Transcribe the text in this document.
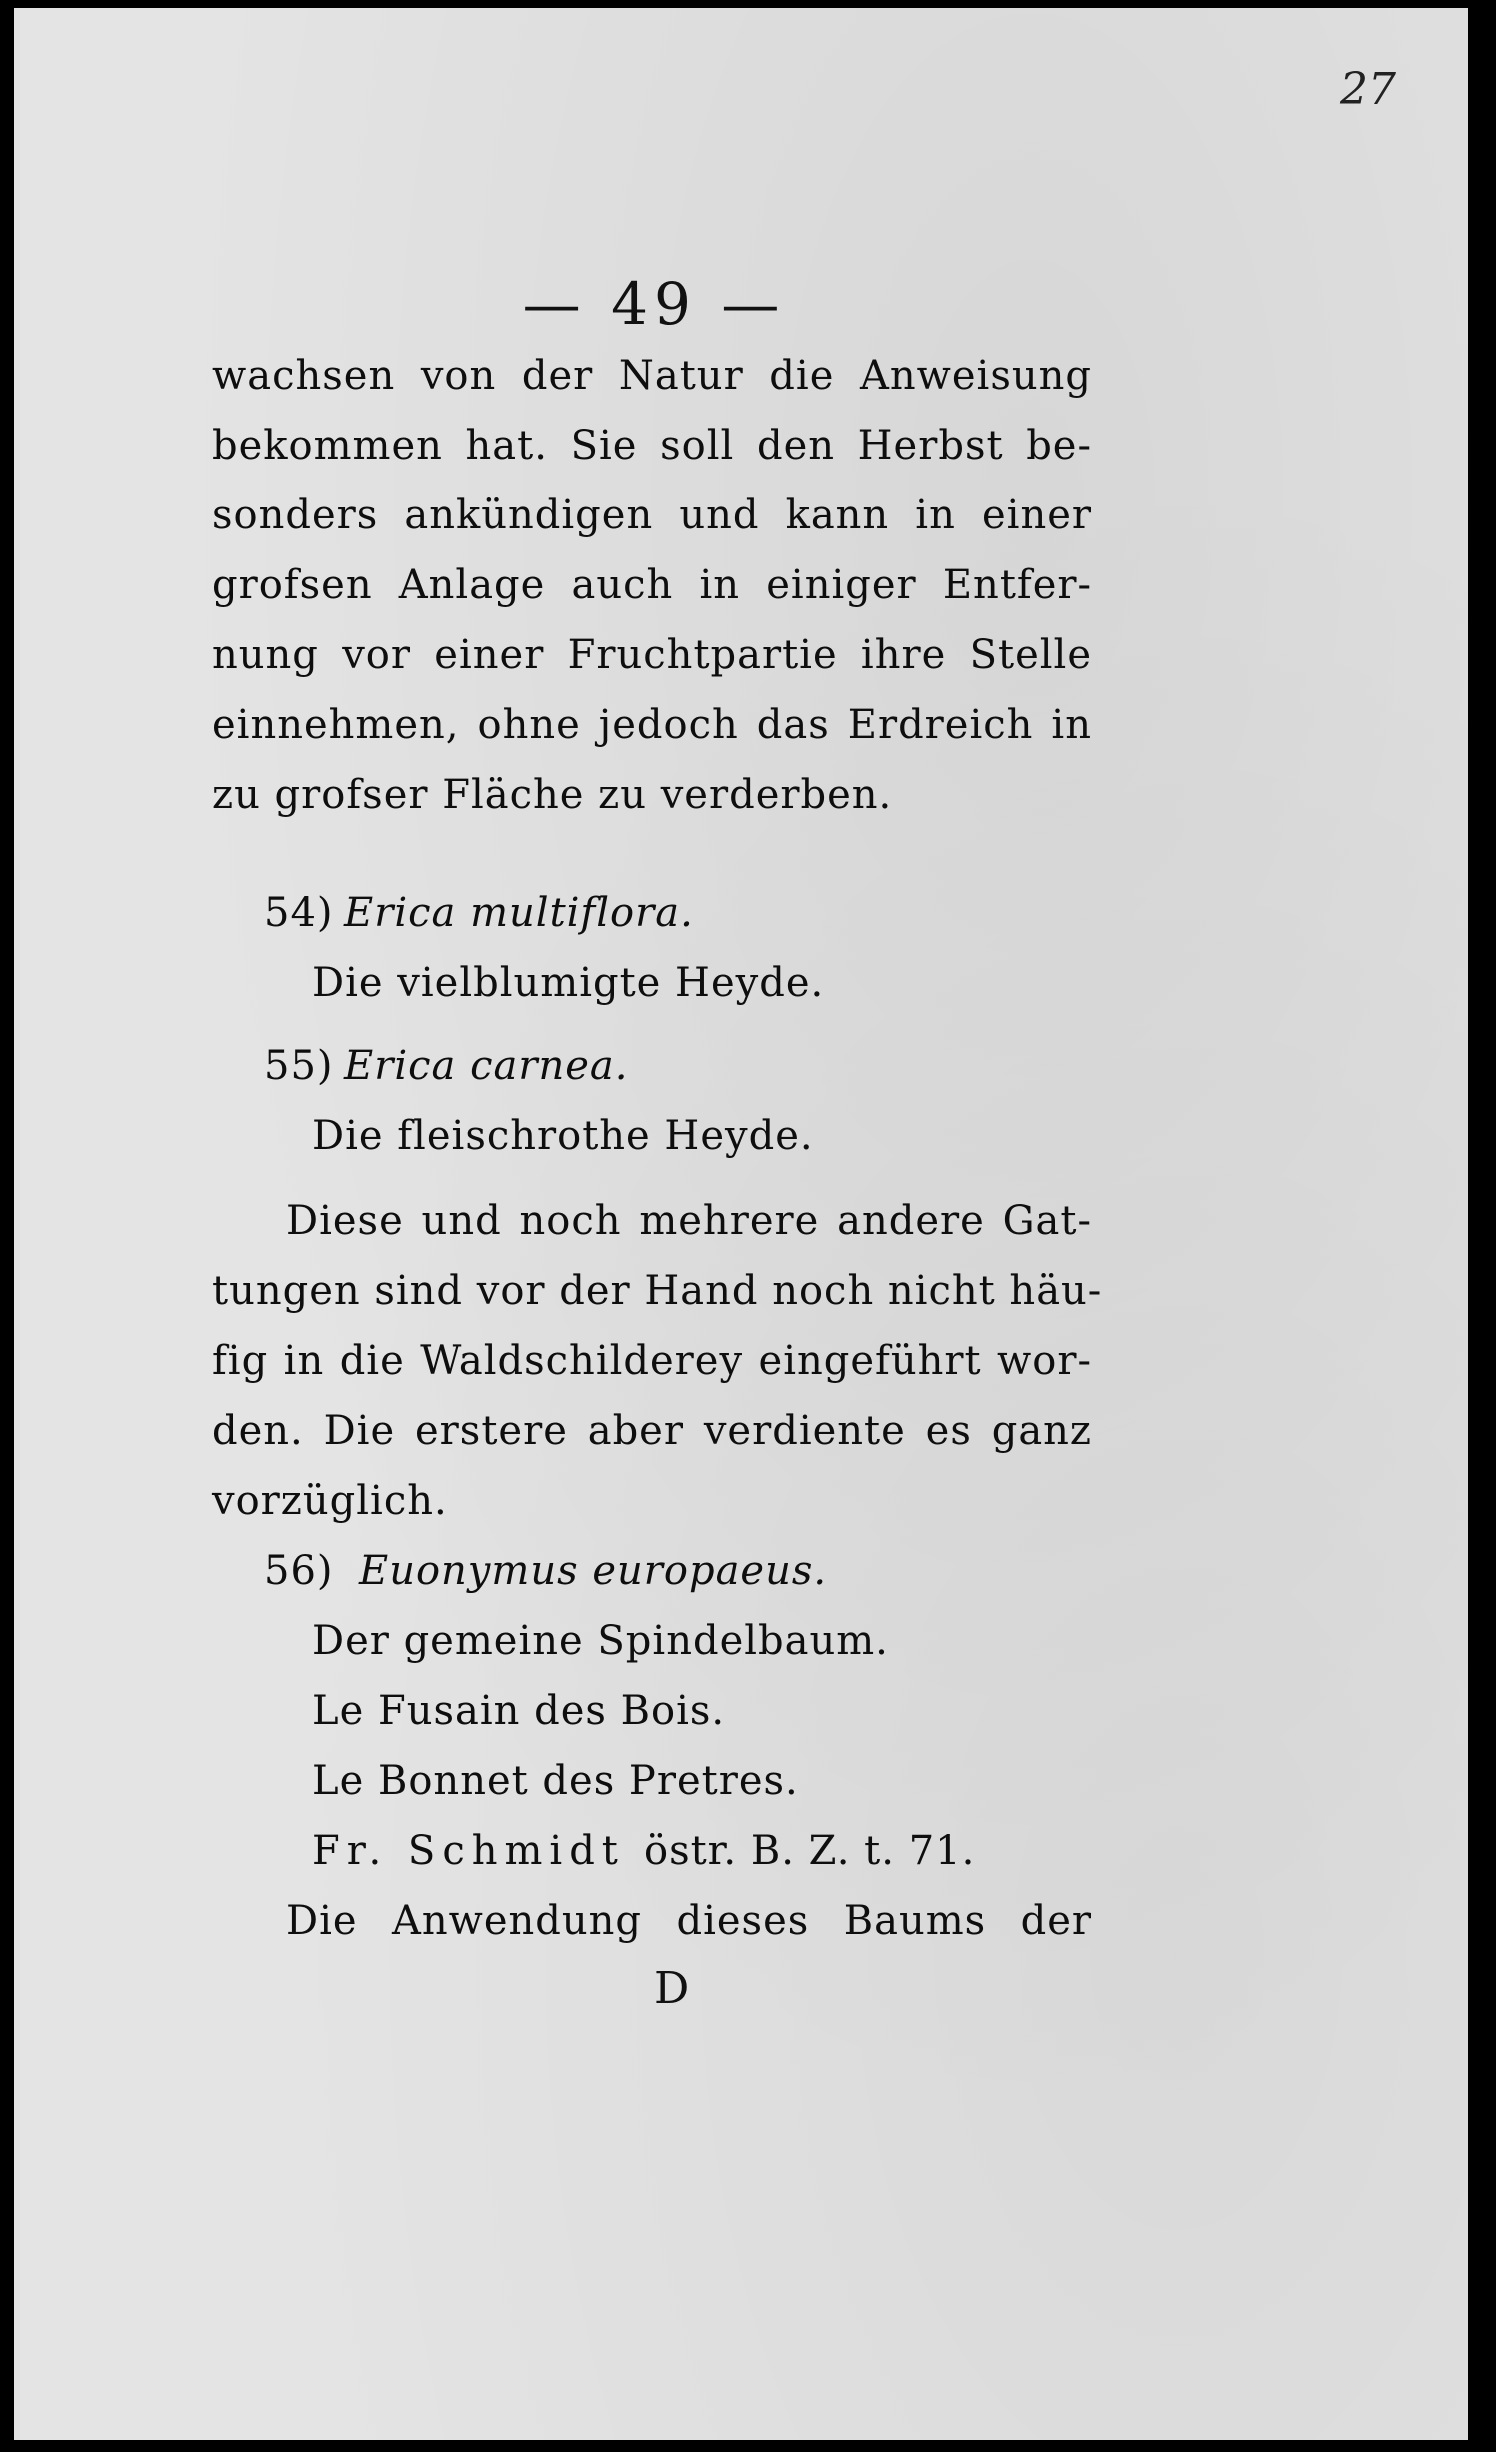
27
— 49 —
wachsen von der Natur die Anweisung
bekommen hat. Sie soll den Herbst be-
sonders ankündigen und kann in einer
grofsen Anlage auch in einiger Entfer-
nung vor einer Fruchtpartie ihre Stelle
einnehmen, ohne jedoch das Erdreich in
zu grofser Fläche zu verderben.
54) Erica multiflora.
Die vielblumigte Heyde.
55) Erica carnea.
Die fleischrothe Heyde.
Diese und noch mehrere andere Gat-
tungen sind vor der Hand noch nicht häu-
fig in die Waldschilderey eingeführt wor-
den. Die erstere aber verdiente es ganz
vorzüglich.
56) Euonymus europaeus.
Der gemeine Spindelbaum.
Le Fusain des Bois.
Le Bonnet des Pretres.
Fr. Schmidt östr. B. Z. t. 71.
Die Anwendung dieses Baums der
D
